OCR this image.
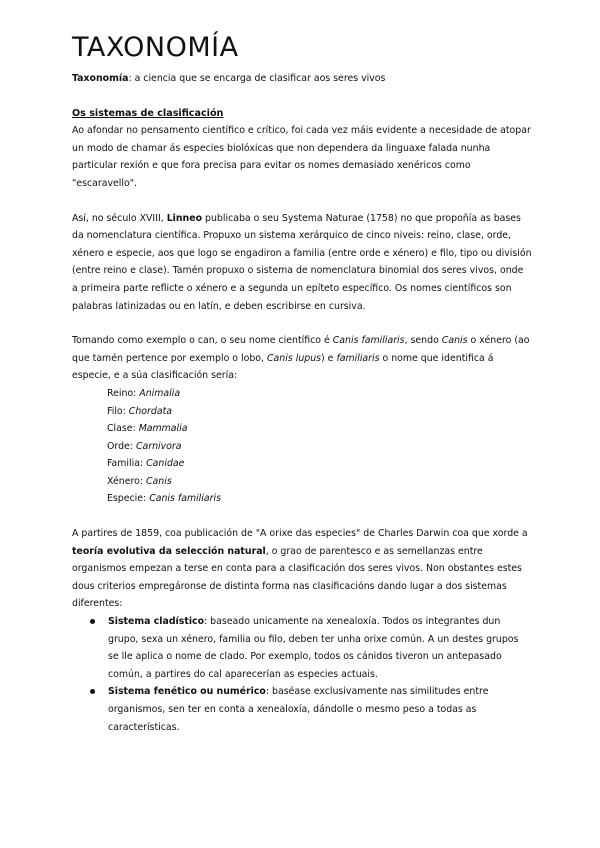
TAXONOMÍA

Taxonomía: a ciencia que se encarga de clasificar aos seres vivos

Os sistemas de clasificación

Ao afondar no pensamento científico e crítico, foi cada vez máis evidente a necesidade de atopar un modo de chamar ás especies biolóxicas que non dependera da linguaxe falada nunha particular rexión e que fora precisa para evitar os nomes demasiado xenéricos como "escaravello".

Así, no século XVIII, Linneo publicaba o seu Systema Naturae (1758) no que propoñía as bases da nomenclatura científica. Propuxo un sistema xerárquico de cinco niveis: reino, clase, orde, xénero e especie, aos que logo se engadiron a familia (entre orde e xénero) e filo, tipo ou división (entre reino e clase). Tamén propuxo o sistema de nomenclatura binomial dos seres vivos, onde a primeira parte reflicte o xénero e a segunda un epíteto específico. Os nomes científicos son palabras latinizadas ou en latín, e deben escribirse en cursiva.

Tomando como exemplo o can, o seu nome científico é Canis familiaris, sendo Canis o xénero (ao que tamén pertence por exemplo o lobo, Canis lupus) e familiaris o nome que identifica á especie, e a súa clasificación sería:

Reino: Animalia
Filo: Chordata
Clase: Mammalia
Orde: Carnivora
Familia: Canidae
Xénero: Canis
Especie: Canis familiaris

A partires de 1859, coa publicación de "A orixe das especies" de Charles Darwin coa que xorde a teoría evolutiva da selección natural, o grao de parentesco e as semellanzas entre organismos empezan a terse en conta para a clasificación dos seres vivos. Non obstantes estes dous criterios empregáronse de distinta forma nas clasificacións dando lugar a dos sistemas diferentes:

Sistema cladístico: baseado unicamente na xenealoxía. Todos os integrantes dun grupo, sexa un xénero, familia ou filo, deben ter unha orixe común. A un destes grupos se lle aplica o nome de clado. Por exemplo, todos os cánidos tiveron un antepasado común, a partires do cal aparecerían as especies actuais.
Sistema fenético ou numérico: baséase exclusivamente nas similitudes entre organismos, sen ter en conta a xenealoxía, dándolle o mesmo peso a todas as características.
